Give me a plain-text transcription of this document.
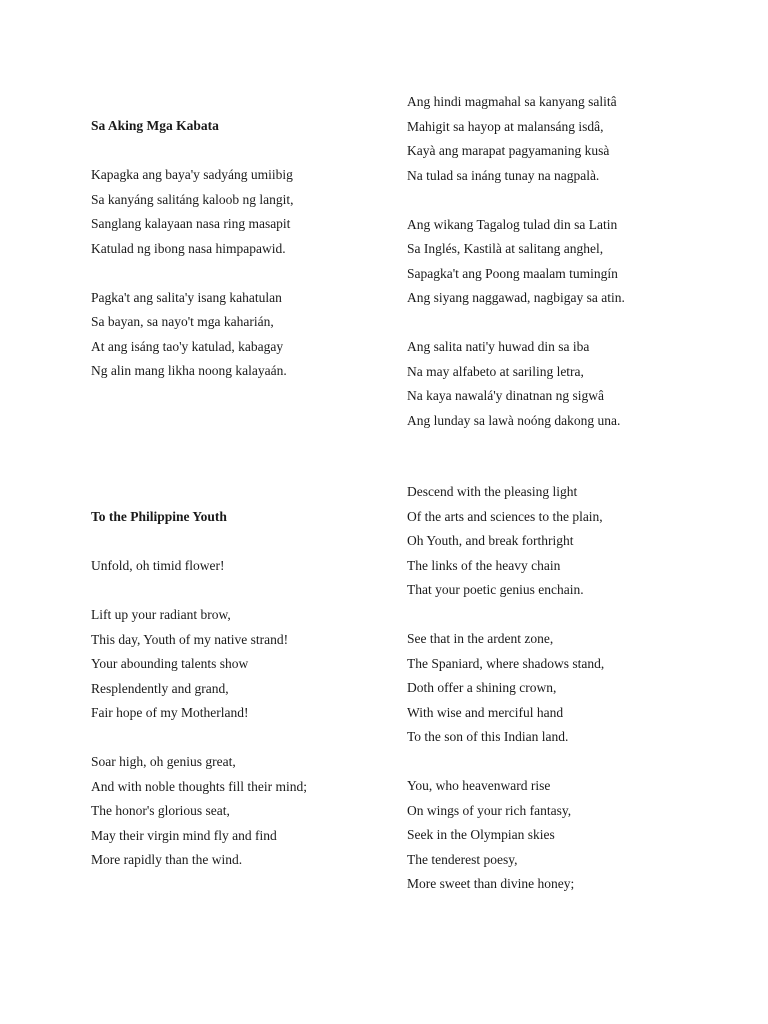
Sa Aking Mga Kabata
Kapagka ang baya'y sadyáng umiibig
Sa kanyáng salitáng kaloob ng langit,
Sanglang kalayaan nasa ring masapit
Katulad ng ibong nasa himpapawid.
Pagka't ang salita'y isang kahatulan
Sa bayan, sa nayo't mga kaharián,
At ang isáng tao'y katulad, kabagay
Ng alin mang likha noong kalayaán.
To the Philippine Youth
Unfold, oh timid flower!
Lift up your radiant brow,
This day, Youth of my native strand!
Your abounding talents show
Resplendently and grand,
Fair hope of my Motherland!
Soar high, oh genius great,
And with noble thoughts fill their mind;
The honor's glorious seat,
May their virgin mind fly and find
More rapidly than the wind.
Ang hindi magmahal sa kanyang salitâ
Mahigit sa hayop at malansáng isdâ,
Kayà ang marapat pagyamaning kusà
Na tulad sa ináng tunay na nagpalà.
Ang wikang Tagalog tulad din sa Latin
Sa Inglés, Kastilà at salitang anghel,
Sapagka't ang Poong maalam tumingín
Ang siyang naggawad, nagbigay sa atin.
Ang salita nati'y huwad din sa iba
Na may alfabeto at sariling letra,
Na kaya nawalá'y dinatnan ng sigwâ
Ang lunday sa lawà noóng dakong una.
Descend with the pleasing light
Of the arts and sciences to the plain,
Oh Youth, and break forthright
The links of the heavy chain
That your poetic genius enchain.
See that in the ardent zone,
The Spaniard, where shadows stand,
Doth offer a shining crown,
With wise and merciful hand
To the son of this Indian land.
You, who heavenward rise
On wings of your rich fantasy,
Seek in the Olympian skies
The tenderest poesy,
More sweet than divine honey;
